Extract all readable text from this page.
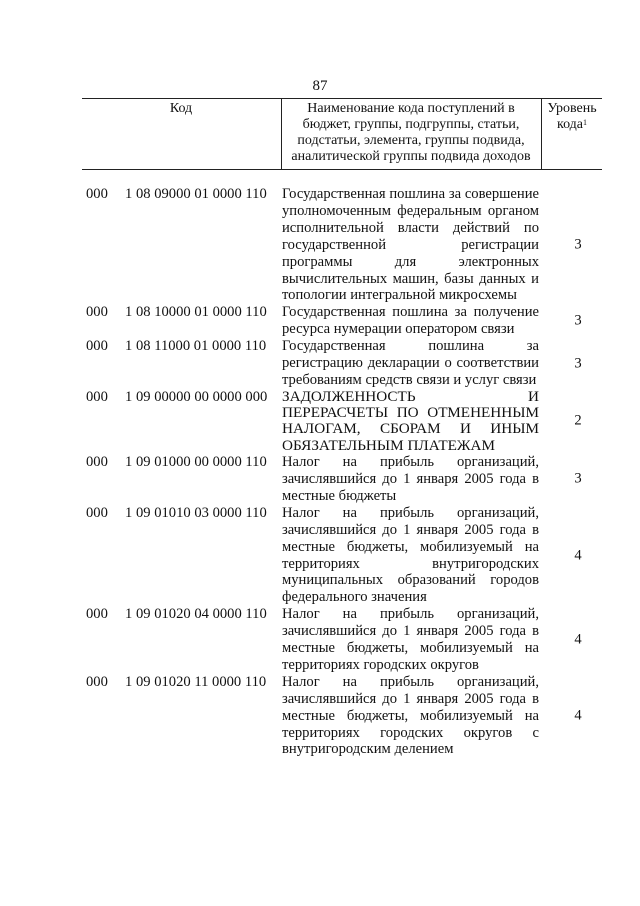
87
Код	Наименование кода поступлений в бюджет, группы, подгруппы, статьи, подстатьи, элемента, группы подвида, аналитической группы подвида доходов
Уровень кода$^1$
000 1 08 09000 01 0000 110 Государственная пошлина за совершение уполномоченным федеральным органом исполнительной власти действий по государственной регистрации программы для электронных вычислительных машин, базы данных и топологии интегральной микросхемы
3
000 1 08 10000 01 0000 110 Государственная пошлина за получение ресурса нумерации оператором связи
3
000 1 08 11000 01 0000 110 Государственная пошлина за регистрацию декларации о соответствии требованиям средств связи и услуг связи
3
000 1 09 00000 00 0000 000 ЗАДОЛЖЕННОСТЬ И ПЕРЕРАСЧЕТЫ ПО ОТМЕНЕННЫМ НАЛОГАМ, СБОРАМ И ИНЫМ ОБЯЗАТЕЛЬНЫМ ПЛАТЕЖАМ
2
000 1 09 01000 00 0000 110 Налог на прибыль организаций, зачислявшийся до 1 января 2005 года в местные бюджеты
3
000 1 09 01010 03 0000 110 Налог на прибыль организаций, зачислявшийся до 1 января 2005 года в местные бюджеты, мобилизуемый на территориях внутригородских муниципальных образований городов федерального значения
4
000 1 09 01020 04 0000 110 Налог на прибыль организаций, зачислявшийся до 1 января 2005 года в местные бюджеты, мобилизуемый на территориях городских округов
4
000 1 09 01020 11 0000 110 Налог на прибыль организаций, зачислявшийся до 1 января 2005 года в местные бюджеты, мобилизуемый на территориях городских округов с внутригородским делением
4
